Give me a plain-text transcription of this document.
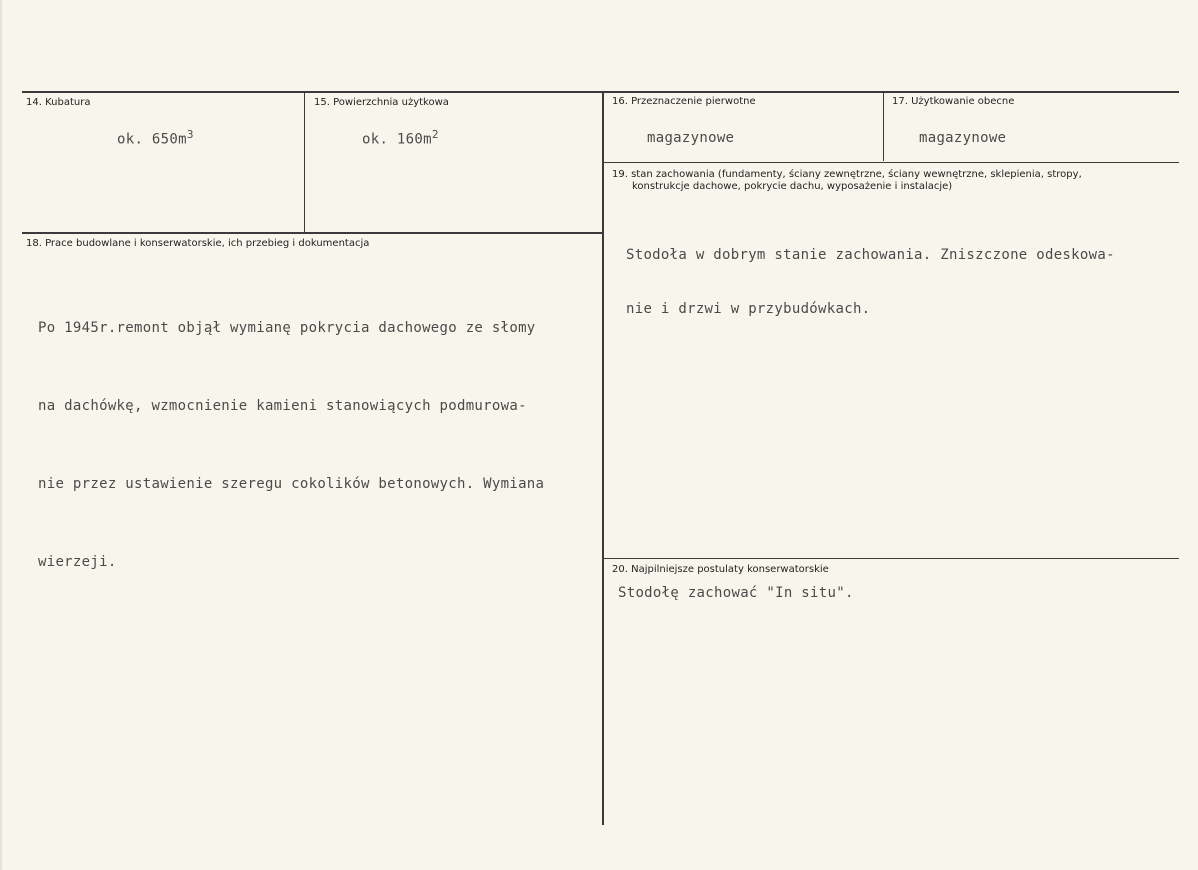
14. Kubatura
ok. $650m^3$
15. Powierzchnia użytkowa
ok. $160m^2$
16. Przeznaczenie pierwotne
magazynowe
17. Użytkowanie obecne
magazynowe
18. Prace budowlane i konserwatorskie, ich przebieg i dokumentacja

Po 1945r.remont objął wymianę pokrycia dachowego ze słomy

na dachówkę, wzmocnienie kamieni stanowiących podmurowa-

nie przez ustawienie szeregu cokolików betonowych. Wymiana

wierzeji.

19. stan zachowania (fundamenty, ściany zewnętrzne, ściany wewnętrzne, sklepienia, stropy,
konstrukcje dachowe, pokrycie dachu, wyposażenie i instalacje)

Stodoła w dobrym stanie zachowania. Zniszczone odeskowa-

nie i drzwi w przybudówkach.

20. Najpilniejsze postulaty konserwatorskie
Stodołę zachować "In situ".
